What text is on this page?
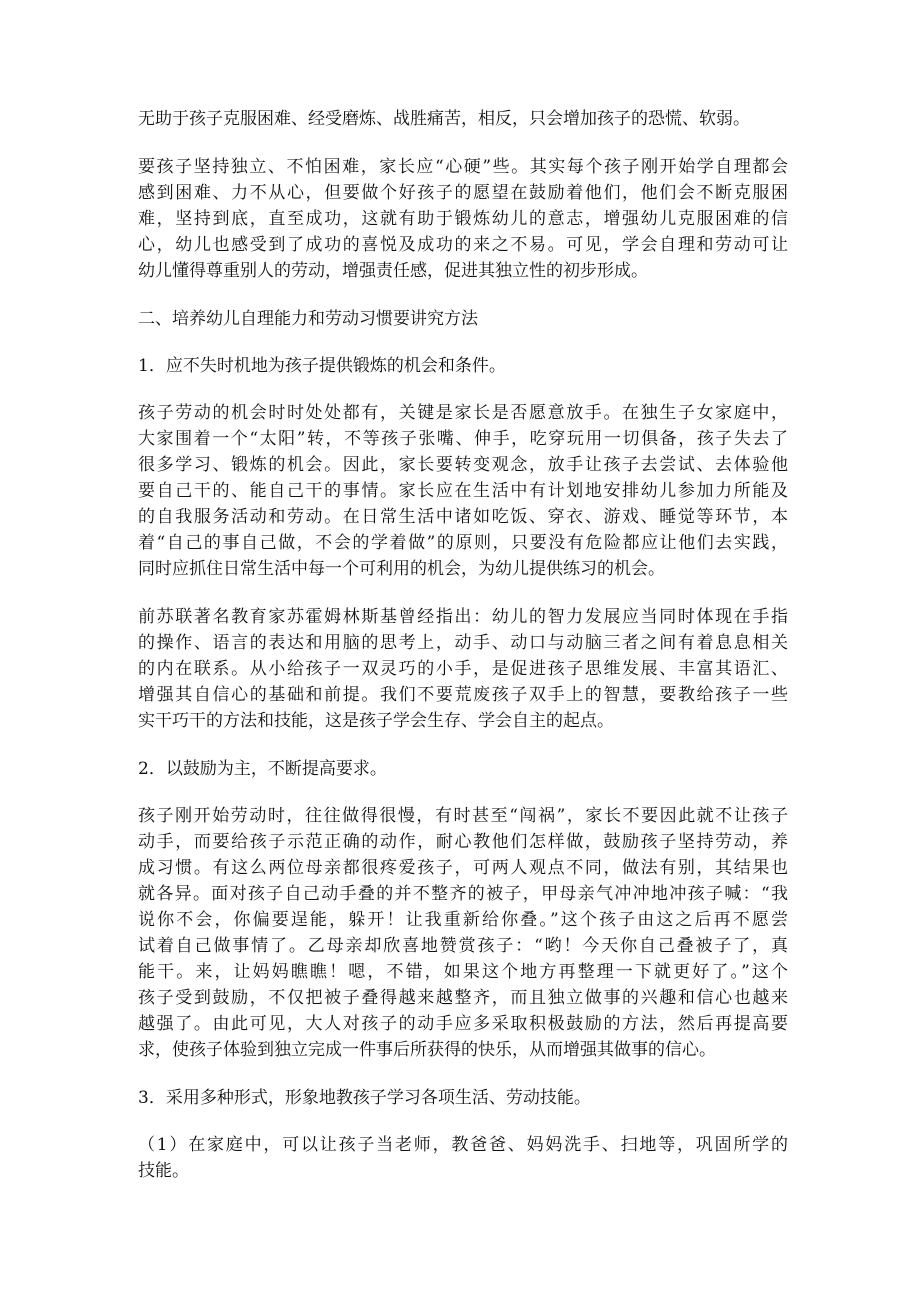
无助于孩子克服困难、经受磨炼、战胜痛苦，相反，只会增加孩子的恐慌、软弱。
要孩子坚持独立、不怕困难，家长应“心硬”些。其实每个孩子刚开始学自理都会
感到困难、力不从心，但要做个好孩子的愿望在鼓励着他们，他们会不断克服困
难，坚持到底，直至成功，这就有助于锻炼幼儿的意志，增强幼儿克服困难的信
心，幼儿也感受到了成功的喜悦及成功的来之不易。可见，学会自理和劳动可让
幼儿懂得尊重别人的劳动，增强责任感，促进其独立性的初步形成。
二、培养幼儿自理能力和劳动习惯要讲究方法
1．应不失时机地为孩子提供锻炼的机会和条件。
孩子劳动的机会时时处处都有，关键是家长是否愿意放手。在独生子女家庭中，
大家围着一个“太阳”转，不等孩子张嘴、伸手，吃穿玩用一切俱备，孩子失去了
很多学习、锻炼的机会。因此，家长要转变观念，放手让孩子去尝试、去体验他
要自己干的、能自己干的事情。家长应在生活中有计划地安排幼儿参加力所能及
的自我服务活动和劳动。在日常生活中诸如吃饭、穿衣、游戏、睡觉等环节，本
着“自己的事自己做，不会的学着做”的原则，只要没有危险都应让他们去实践，
同时应抓住日常生活中每一个可利用的机会，为幼儿提供练习的机会。
前苏联著名教育家苏霍姆林斯基曾经指出：幼儿的智力发展应当同时体现在手指
的操作、语言的表达和用脑的思考上，动手、动口与动脑三者之间有着息息相关
的内在联系。从小给孩子一双灵巧的小手，是促进孩子思维发展、丰富其语汇、
增强其自信心的基础和前提。我们不要荒废孩子双手上的智慧，要教给孩子一些
实干巧干的方法和技能，这是孩子学会生存、学会自主的起点。
2．以鼓励为主，不断提高要求。
孩子刚开始劳动时，往往做得很慢，有时甚至“闯祸”，家长不要因此就不让孩子
动手，而要给孩子示范正确的动作，耐心教他们怎样做，鼓励孩子坚持劳动，养
成习惯。有这么两位母亲都很疼爱孩子，可两人观点不同，做法有别，其结果也
就各异。面对孩子自己动手叠的并不整齐的被子，甲母亲气冲冲地冲孩子喊：“我
说你不会，你偏要逞能，躲开！让我重新给你叠。”这个孩子由这之后再不愿尝
试着自己做事情了。乙母亲却欣喜地赞赏孩子：“哟！今天你自己叠被子了，真
能干。来，让妈妈瞧瞧！嗯，不错，如果这个地方再整理一下就更好了。”这个
孩子受到鼓励，不仅把被子叠得越来越整齐，而且独立做事的兴趣和信心也越来
越强了。由此可见，大人对孩子的动手应多采取积极鼓励的方法，然后再提高要
求，使孩子体验到独立完成一件事后所获得的快乐，从而增强其做事的信心。
3．采用多种形式，形象地教孩子学习各项生活、劳动技能。
（1）在家庭中，可以让孩子当老师，教爸爸、妈妈洗手、扫地等，巩固所学的
技能。
